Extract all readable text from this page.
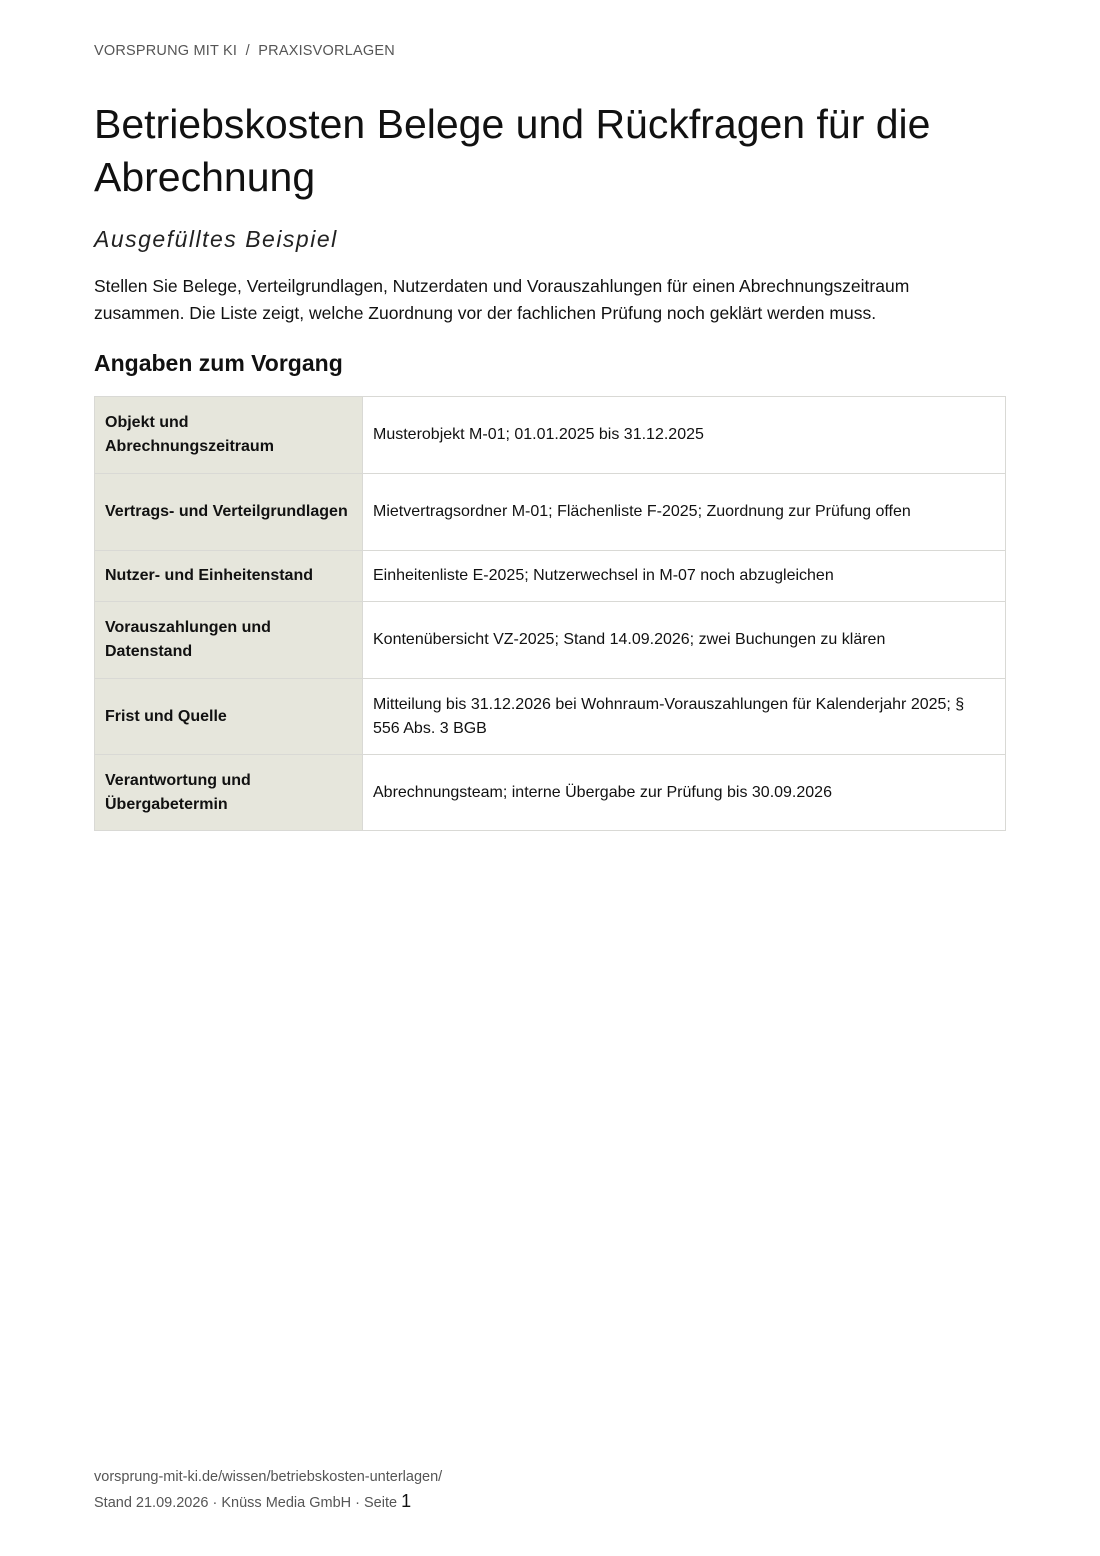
VORSPRUNG MIT KI / PRAXISVORLAGEN
Betriebskosten Belege und Rückfragen für die Abrechnung
Ausgefülltes Beispiel

Stellen Sie Belege, Verteilgrundlagen, Nutzerdaten und Vorauszahlungen für einen Abrechnungszeitraum zusammen. Die Liste zeigt, welche Zuordnung vor der fachlichen Prüfung noch geklärt werden muss.

Angaben zum Vorgang
Objekt und Abrechnungszeitraum	Musterobjekt M-01; 01.01.2025 bis 31.12.2025
Vertrags- und Verteilgrundlagen	Mietvertragsordner M-01; Flächenliste F-2025; Zuordnung zur Prüfung offen
Nutzer- und Einheitenstand	Einheitenliste E-2025; Nutzerwechsel in M-07 noch abzugleichen
Vorauszahlungen und Datenstand	Kontenübersicht VZ-2025; Stand 14.09.2026; zwei Buchungen zu klären
Frist und Quelle	Mitteilung bis 31.12.2026 bei Wohnraum-Vorauszahlungen für Kalenderjahr 2025; § 556 Abs. 3 BGB
Verantwortung und Übergabetermin	Abrechnungsteam; interne Übergabe zur Prüfung bis 30.09.2026
vorsprung-mit-ki.de/wissen/betriebskosten-unterlagen/
Stand 21.09.2026 · Knüss Media GmbH · Seite 1
